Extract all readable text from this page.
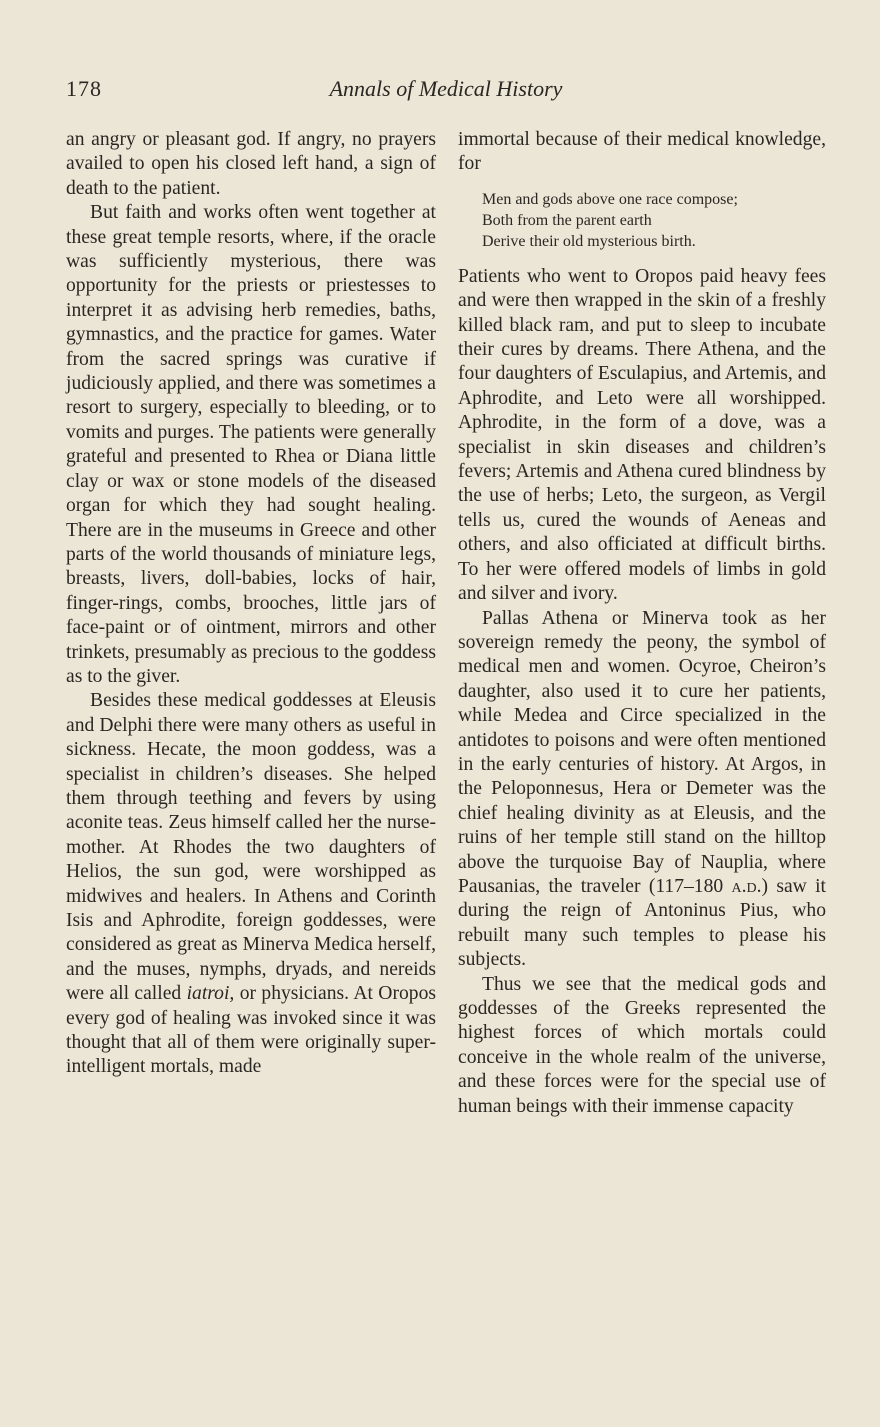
178	Annals of Medical History

an angry or pleasant god. If angry, no prayers availed to open his closed left hand, a sign of death to the patient.

But faith and works often went together at these great temple resorts, where, if the oracle was sufficiently mysterious, there was opportunity for the priests or priestesses to interpret it as advising herb remedies, baths, gymnastics, and the practice for games. Water from the sacred springs was curative if judiciously applied, and there was sometimes a resort to surgery, especially to bleeding, or to vomits and purges. The patients were generally grateful and presented to Rhea or Diana little clay or wax or stone models of the diseased organ for which they had sought healing. There are in the museums in Greece and other parts of the world thousands of miniature legs, breasts, livers, doll-babies, locks of hair, finger-rings, combs, brooches, little jars of face-paint or of ointment, mirrors and other trinkets, presumably as precious to the goddess as to the giver.

Besides these medical goddesses at Eleusis and Delphi there were many others as useful in sickness. Hecate, the moon goddess, was a specialist in children’s diseases. She helped them through teething and fevers by using aconite teas. Zeus himself called her the nurse-mother. At Rhodes the two daughters of Helios, the sun god, were worshipped as midwives and healers. In Athens and Corinth Isis and Aphrodite, foreign goddesses, were considered as great as Minerva Medica herself, and the muses, nymphs, dryads, and nereids were all called iatroi, or physicians. At Oropos every god of healing was invoked since it was thought that all of them were originally super-intelligent mortals, made

immortal because of their medical knowledge, for

Men and gods above one race compose;
Both from the parent earth
Derive their old mysterious birth.

Patients who went to Oropos paid heavy fees and were then wrapped in the skin of a freshly killed black ram, and put to sleep to incubate their cures by dreams. There Athena, and the four daughters of Esculapius, and Artemis, and Aphrodite, and Leto were all worshipped. Aphrodite, in the form of a dove, was a specialist in skin diseases and children’s fevers; Artemis and Athena cured blindness by the use of herbs; Leto, the surgeon, as Vergil tells us, cured the wounds of Aeneas and others, and also officiated at difficult births. To her were offered models of limbs in gold and silver and ivory.

Pallas Athena or Minerva took as her sovereign remedy the peony, the symbol of medical men and women. Ocyroe, Cheiron’s daughter, also used it to cure her patients, while Medea and Circe specialized in the antidotes to poisons and were often mentioned in the early centuries of history. At Argos, in the Peloponnesus, Hera or Demeter was the chief healing divinity as at Eleusis, and the ruins of her temple still stand on the hilltop above the turquoise Bay of Nauplia, where Pausanias, the traveler (117–180 a.d.) saw it during the reign of Antoninus Pius, who rebuilt many such temples to please his subjects.

Thus we see that the medical gods and goddesses of the Greeks represented the highest forces of which mortals could conceive in the whole realm of the universe, and these forces were for the special use of human beings with their immense capacity
